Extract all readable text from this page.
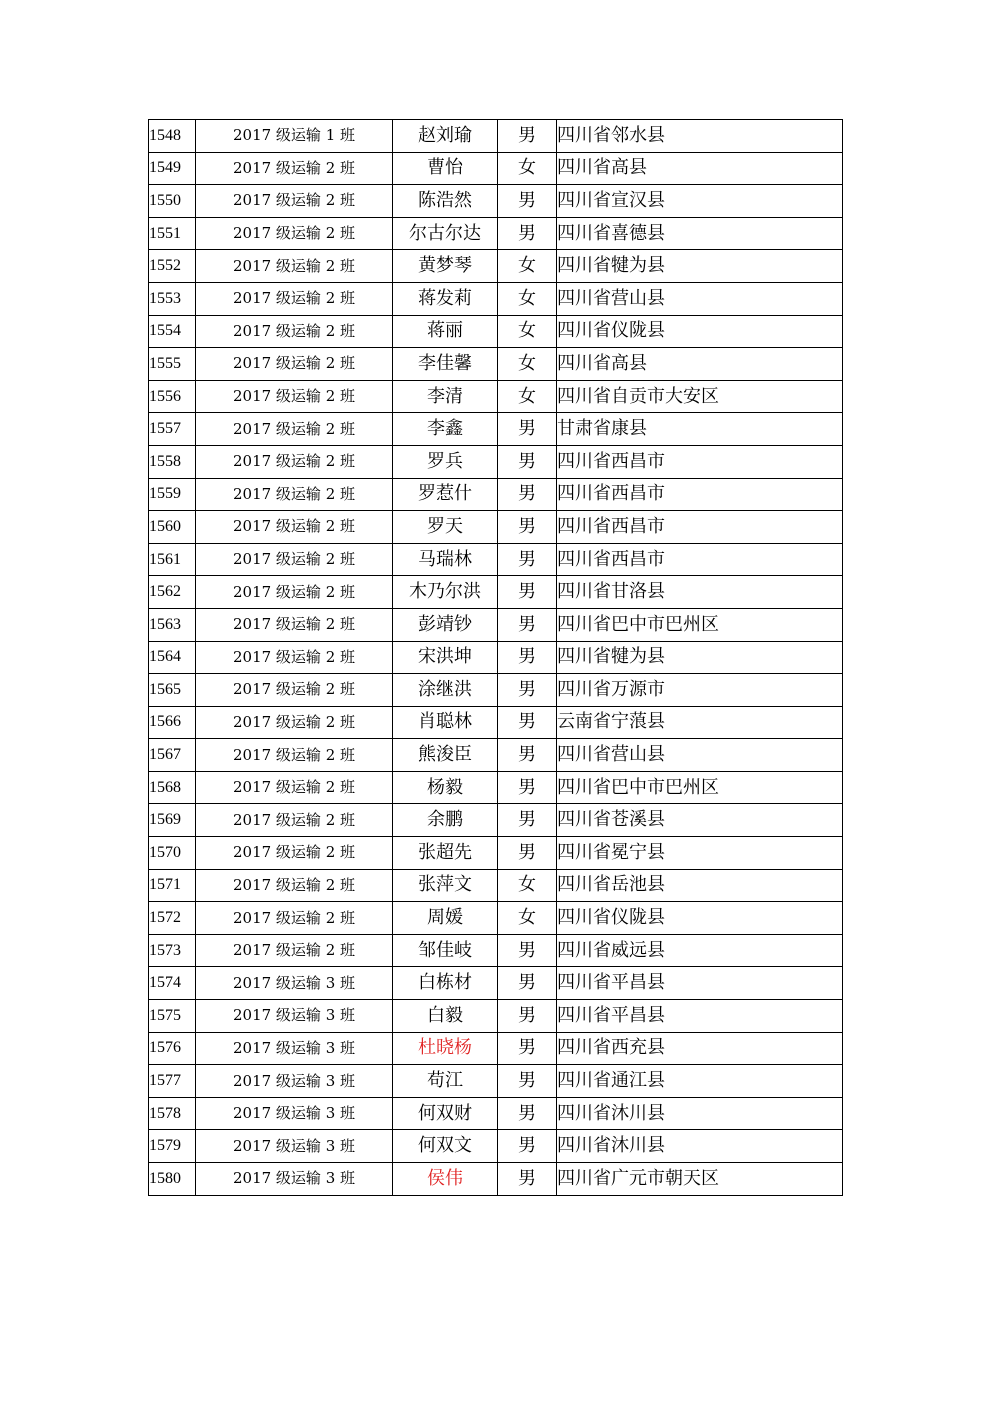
1548	2017 级运输 1 班	赵刘瑜	男	四川省邻水县
1549	2017 级运输 2 班	曹怡	女	四川省高县
1550	2017 级运输 2 班	陈浩然	男	四川省宣汉县
1551	2017 级运输 2 班	尔古尔达	男	四川省喜德县
1552	2017 级运输 2 班	黄梦琴	女	四川省犍为县
1553	2017 级运输 2 班	蒋发莉	女	四川省营山县
1554	2017 级运输 2 班	蒋丽	女	四川省仪陇县
1555	2017 级运输 2 班	李佳馨	女	四川省高县
1556	2017 级运输 2 班	李清	女	四川省自贡市大安区
1557	2017 级运输 2 班	李鑫	男	甘肃省康县
1558	2017 级运输 2 班	罗兵	男	四川省西昌市
1559	2017 级运输 2 班	罗惹什	男	四川省西昌市
1560	2017 级运输 2 班	罗天	男	四川省西昌市
1561	2017 级运输 2 班	马瑞林	男	四川省西昌市
1562	2017 级运输 2 班	木乃尔洪	男	四川省甘洛县
1563	2017 级运输 2 班	彭靖钞	男	四川省巴中市巴州区
1564	2017 级运输 2 班	宋洪坤	男	四川省犍为县
1565	2017 级运输 2 班	涂继洪	男	四川省万源市
1566	2017 级运输 2 班	肖聪林	男	云南省宁蒗县
1567	2017 级运输 2 班	熊浚臣	男	四川省营山县
1568	2017 级运输 2 班	杨毅	男	四川省巴中市巴州区
1569	2017 级运输 2 班	余鹏	男	四川省苍溪县
1570	2017 级运输 2 班	张超先	男	四川省冕宁县
1571	2017 级运输 2 班	张萍文	女	四川省岳池县
1572	2017 级运输 2 班	周媛	女	四川省仪陇县
1573	2017 级运输 2 班	邹佳岐	男	四川省威远县
1574	2017 级运输 3 班	白栋材	男	四川省平昌县
1575	2017 级运输 3 班	白毅	男	四川省平昌县
1576	2017 级运输 3 班	杜晓杨	男	四川省西充县
1577	2017 级运输 3 班	苟江	男	四川省通江县
1578	2017 级运输 3 班	何双财	男	四川省沐川县
1579	2017 级运输 3 班	何双文	男	四川省沐川县
1580	2017 级运输 3 班	侯伟	男	四川省广元市朝天区
